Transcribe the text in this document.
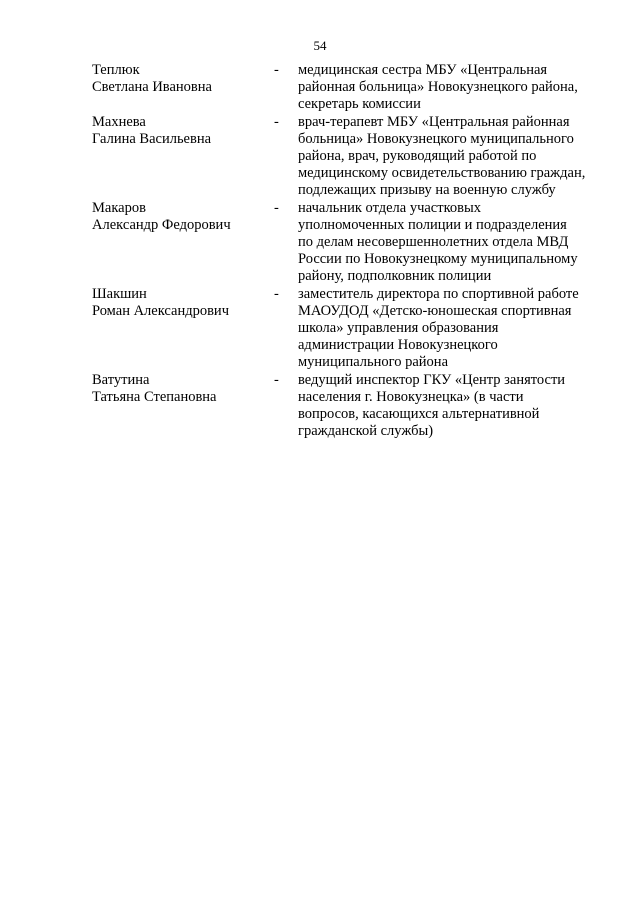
54
Теплюк
Светлана Ивановна
- медицинская сестра МБУ «Центральная
районная больница» Новокузнецкого района,
секретарь комиссии
Махнева
Галина Васильевна
- врач-терапевт МБУ «Центральная районная
больница» Новокузнецкого муниципального
района, врач, руководящий работой по
медицинскому освидетельствованию граждан,
подлежащих призыву на военную службу
Макаров
Александр Федорович
- начальник отдела участковых
уполномоченных полиции и подразделения
по делам несовершеннолетних отдела МВД
России по Новокузнецкому муниципальному
району, подполковник полиции
Шакшин
Роман Александрович
- заместитель директора по спортивной работе
МАОУДОД «Детско-юношеская спортивная
школа» управления образования
администрации Новокузнецкого
муниципального района
Ватутина
Татьяна Степановна
- ведущий инспектор ГКУ «Центр занятости
населения г. Новокузнецка» (в части
вопросов, касающихся альтернативной
гражданской службы)
